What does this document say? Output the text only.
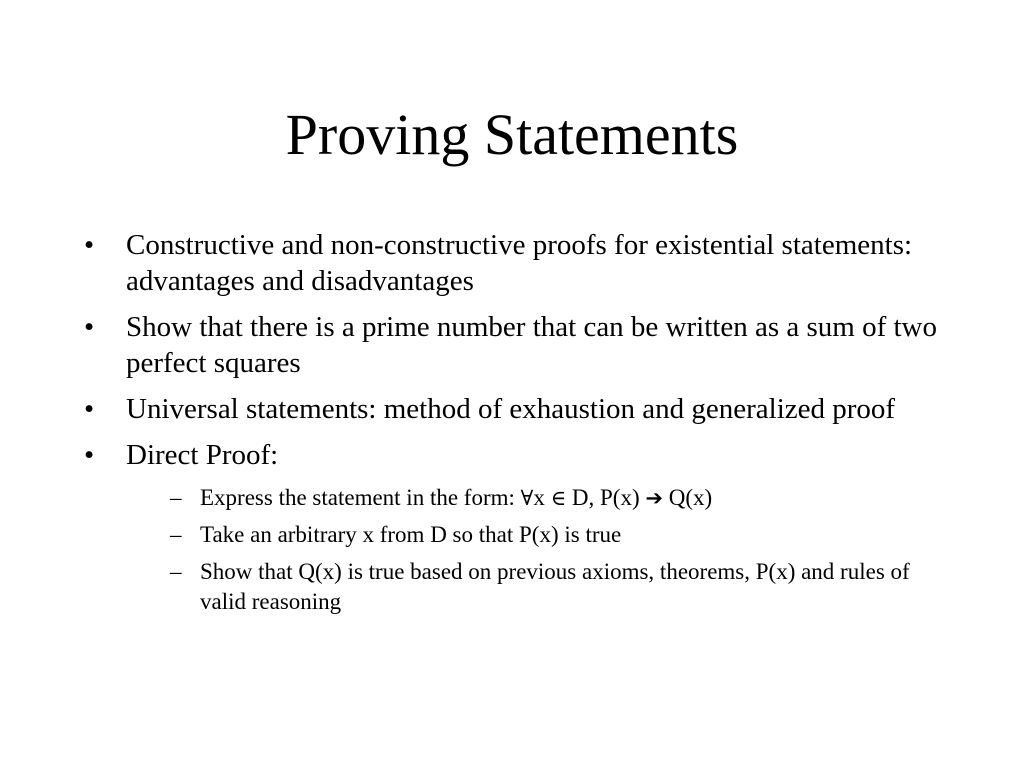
Proving Statements
•	Constructive and non-constructive proofs for existential statements: advantages and disadvantages
•	Show that there is a prime number that can be written as a sum of two perfect squares
•	Universal statements: method of exhaustion and generalized proof
•	Direct Proof:
– Express the statement in the form: ∀x ∈ D, P(x) ➔ Q(x)
– Take an arbitrary x from D so that P(x) is true
– Show that Q(x) is true based on previous axioms, theorems, P(x) and rules of valid reasoning
